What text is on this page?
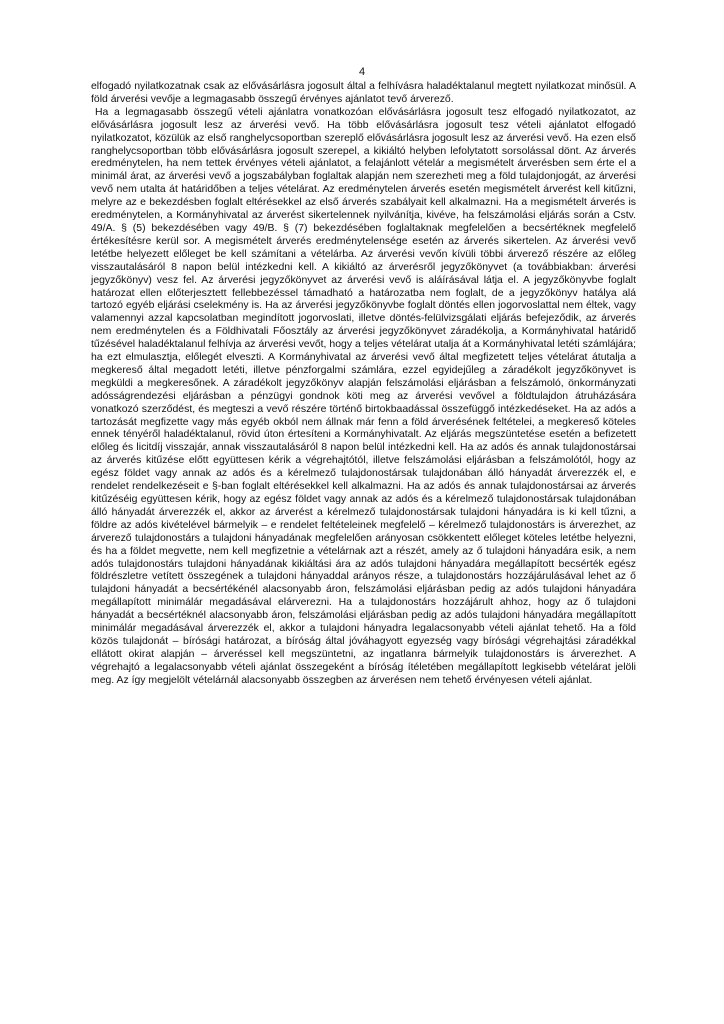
4

elfogadó nyilatkozatnak csak az elővásárlásra jogosult által a felhívásra haladéktalanul megtett nyilatkozat minősül. A föld árverési vevője a legmagasabb összegű érvényes ajánlatot tevő árverező.

Ha a legmagasabb összegű vételi ajánlatra vonatkozóan elővásárlásra jogosult tesz elfogadó nyilatkozatot, az elővásárlásra jogosult lesz az árverési vevő. Ha több elővásárlásra jogosult tesz vételi ajánlatot elfogadó nyilatkozatot, közülük az első ranghelycsoportban szereplő elővásárlásra jogosult lesz az árverési vevő. Ha ezen első ranghelycsoportban több elővásárlásra jogosult szerepel, a kikiáltó helyben lefolytatott sorsolással dönt. Az árverés eredménytelen, ha nem tettek érvényes vételi ajánlatot, a felajánlott vételár a megismételt árverésben sem érte el a minimál árat, az árverési vevő a jogszabályban foglaltak alapján nem szerezheti meg a föld tulajdonjogát, az árverési vevő nem utalta át határidőben a teljes vételárat. Az eredménytelen árverés esetén megismételt árverést kell kitűzni, melyre az e bekezdésben foglalt eltérésekkel az első árverés szabályait kell alkalmazni. Ha a megismételt árverés is eredménytelen, a Kormányhivatal az árverést sikertelennek nyilvánítja, kivéve, ha felszámolási eljárás során a Cstv. 49/A. § (5) bekezdésében vagy 49/B. § (7) bekezdésében foglaltaknak megfelelően a becsértéknek megfelelő értékesítésre kerül sor. A megismételt árverés eredménytelensége esetén az árverés sikertelen. Az árverési vevő letétbe helyezett előleget be kell számítani a vételárba. Az árverési vevőn kívüli többi árverező részére az előleg visszautalásáról 8 napon belül intézkedni kell. A kikiáltó az árverésről jegyzőkönyvet (a továbbiakban: árverési jegyzőkönyv) vesz fel. Az árverési jegyzőkönyvet az árverési vevő is aláírásával látja el. A jegyzőkönyvbe foglalt határozat ellen előterjesztett fellebbezéssel támadható a határozatba nem foglalt, de a jegyzőkönyv hatálya alá tartozó egyéb eljárási cselekmény is. Ha az árverési jegyzőkönyvbe foglalt döntés ellen jogorvoslattal nem éltek, vagy valamennyi azzal kapcsolatban megindított jogorvoslati, illetve döntés-felülvizsgálati eljárás befejeződik, az árverés nem eredménytelen és a Földhivatali Főosztály az árverési jegyzőkönyvet záradékolja, a Kormányhivatal határidő tűzésével haladéktalanul felhívja az árverési vevőt, hogy a teljes vételárat utalja át a Kormányhivatal letéti számlájára; ha ezt elmulasztja, előlegét elveszti. A Kormányhivatal az árverési vevő által megfizetett teljes vételárat átutalja a megkereső által megadott letéti, illetve pénzforgalmi számlára, ezzel egyidejűleg a záradékolt jegyzőkönyvet is megküldi a megkeresőnek. A záradékolt jegyzőkönyv alapján felszámolási eljárásban a felszámoló, önkormányzati adósságrendezési eljárásban a pénzügyi gondnok köti meg az árverési vevővel a földtulajdon átruházására vonatkozó szerződést, és megteszi a vevő részére történő birtokbaadással összefüggő intézkedéseket. Ha az adós a tartozását megfizette vagy más egyéb okból nem állnak már fenn a föld árverésének feltételei, a megkereső köteles ennek tényéről haladéktalanul, rövid úton értesíteni a Kormányhivatalt. Az eljárás megszüntetése esetén a befizetett előleg és licitdíj visszajár, annak visszautalásáról 8 napon belül intézkedni kell. Ha az adós és annak tulajdonostársai az árverés kitűzése előtt együttesen kérik a végrehajtótól, illetve felszámolási eljárásban a felszámolótól, hogy az egész földet vagy annak az adós és a kérelmező tulajdonostársak tulajdonában álló hányadát árverezzék el, e rendelet rendelkezéseit e §-ban foglalt eltérésekkel kell alkalmazni. Ha az adós és annak tulajdonostársai az árverés kitűzéséig együttesen kérik, hogy az egész földet vagy annak az adós és a kérelmező tulajdonostársak tulajdonában álló hányadát árverezzék el, akkor az árverést a kérelmező tulajdonostársak tulajdoni hányadára is ki kell tűzni, a földre az adós kivételével bármelyik – e rendelet feltételeinek megfelelő – kérelmező tulajdonostárs is árverezhet, az árverező tulajdonostárs a tulajdoni hányadának megfelelően arányosan csökkentett előleget köteles letétbe helyezni, és ha a földet megvette, nem kell megfizetnie a vételárnak azt a részét, amely az ő tulajdoni hányadára esik, a nem adós tulajdonostárs tulajdoni hányadának kikiáltási ára az adós tulajdoni hányadára megállapított becsérték egész földrészletre vetített összegének a tulajdoni hányaddal arányos része, a tulajdonostárs hozzájárulásával lehet az ő tulajdoni hányadát a becsértékénél alacsonyabb áron, felszámolási eljárásban pedig az adós tulajdoni hányadára megállapított minimálár megadásával elárverezni. Ha a tulajdonostárs hozzájárult ahhoz, hogy az ő tulajdoni hányadát a becsértéknél alacsonyabb áron, felszámolási eljárásban pedig az adós tulajdoni hányadára megállapított minimálár megadásával árverezzék el, akkor a tulajdoni hányadra legalacsonyabb vételi ajánlat tehető. Ha a föld közös tulajdonát – bírósági határozat, a bíróság által jóváhagyott egyezség vagy bírósági végrehajtási záradékkal ellátott okirat alapján – árveréssel kell megszüntetni, az ingatlanra bármelyik tulajdonostárs is árverezhet. A végrehajtó a legalacsonyabb vételi ajánlat összegeként a bíróság ítéletében megállapított legkisebb vételárat jelöli meg. Az így megjelölt vételárnál alacsonyabb összegben az árverésen nem tehető érvényesen vételi ajánlat.
